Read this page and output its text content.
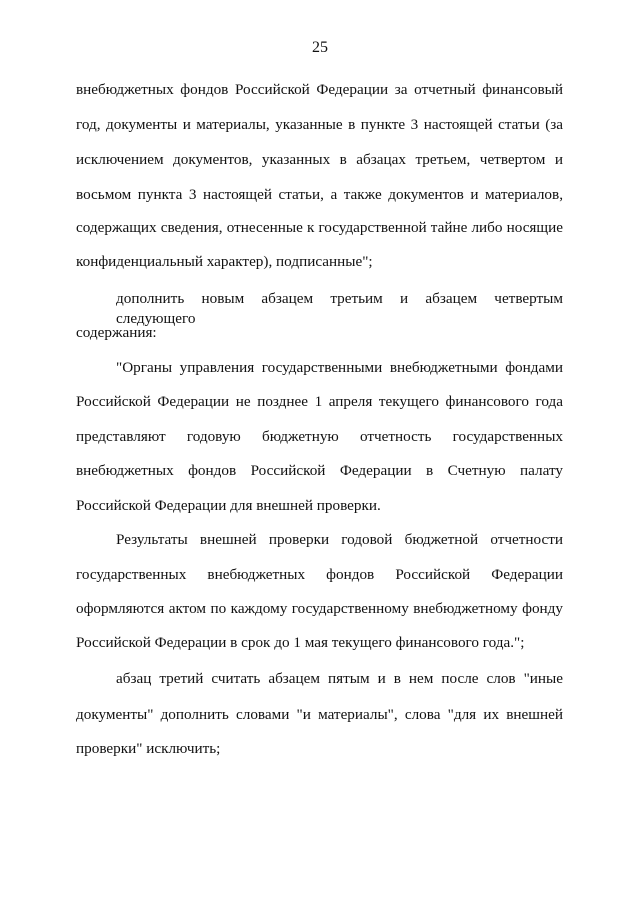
25
внебюджетных фондов Российской Федерации за отчетный финансовый
год, документы и материалы, указанные в пункте 3 настоящей статьи (за
исключением документов, указанных в абзацах третьем, четвертом и
восьмом пункта 3 настоящей статьи, а также документов и материалов,
содержащих сведения, отнесенные к государственной тайне либо носящие
конфиденциальный характер), подписанные";
дополнить новым абзацем третьим и абзацем четвертым следующего
содержания:
"Органы управления государственными внебюджетными фондами
Российской Федерации не позднее 1 апреля текущего финансового года
представляют годовую бюджетную отчетность государственных
внебюджетных фондов Российской Федерации в Счетную палату
Российской Федерации для внешней проверки.
Результаты внешней проверки годовой бюджетной отчетности
государственных внебюджетных фондов Российской Федерации
оформляются актом по каждому государственному внебюджетному фонду
Российской Федерации в срок до 1 мая текущего финансового года.";
абзац третий считать абзацем пятым и в нем после слов "иные
документы" дополнить словами "и материалы", слова "для их внешней
проверки" исключить;
